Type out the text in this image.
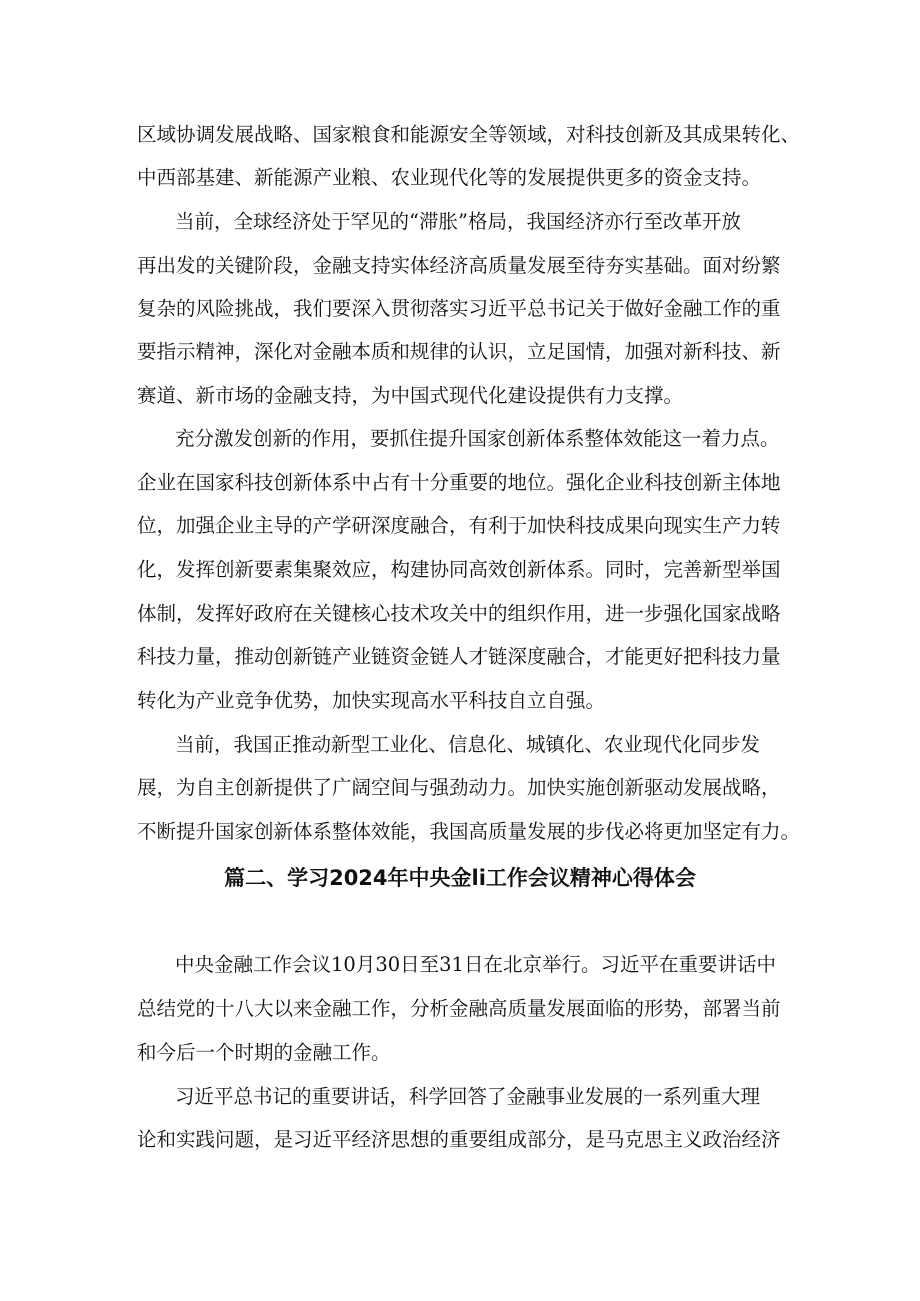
区域协调发展战略、国家粮食和能源安全等领域，对科技创新及其成果转化、
中西部基建、新能源产业粮、农业现代化等的发展提供更多的资金支持。
当前，全球经济处于罕见的“滞胀”格局，我国经济亦行至改革开放
再出发的关键阶段，金融支持实体经济高质量发展至待夯实基础。面对纷繁
复杂的风险挑战，我们要深入贯彻落实习近平总书记关于做好金融工作的重
要指示精神，深化对金融本质和规律的认识，立足国情，加强对新科技、新
赛道、新市场的金融支持，为中国式现代化建设提供有力支撑。
充分激发创新的作用，要抓住提升国家创新体系整体效能这一着力点。
企业在国家科技创新体系中占有十分重要的地位。强化企业科技创新主体地
位，加强企业主导的产学研深度融合，有利于加快科技成果向现实生产力转
化，发挥创新要素集聚效应，构建协同高效创新体系。同时，完善新型举国
体制，发挥好政府在关键核心技术攻关中的组织作用，进一步强化国家战略
科技力量，推动创新链产业链资金链人才链深度融合，才能更好把科技力量
转化为产业竞争优势，加快实现高水平科技自立自强。
当前，我国正推动新型工业化、信息化、城镇化、农业现代化同步发
展，为自主创新提供了广阔空间与强劲动力。加快实施创新驱动发展战略，
不断提升国家创新体系整体效能，我国高质量发展的步伐必将更加坚定有力。
篇二、学习2024年中央金li工作会议精神心得体会
中央金融工作会议10月30日至31日在北京举行。习近平在重要讲话中
总结党的十八大以来金融工作，分析金融高质量发展面临的形势，部署当前
和今后一个时期的金融工作。
习近平总书记的重要讲话，科学回答了金融事业发展的一系列重大理
论和实践问题，是习近平经济思想的重要组成部分，是马克思主义政治经济
